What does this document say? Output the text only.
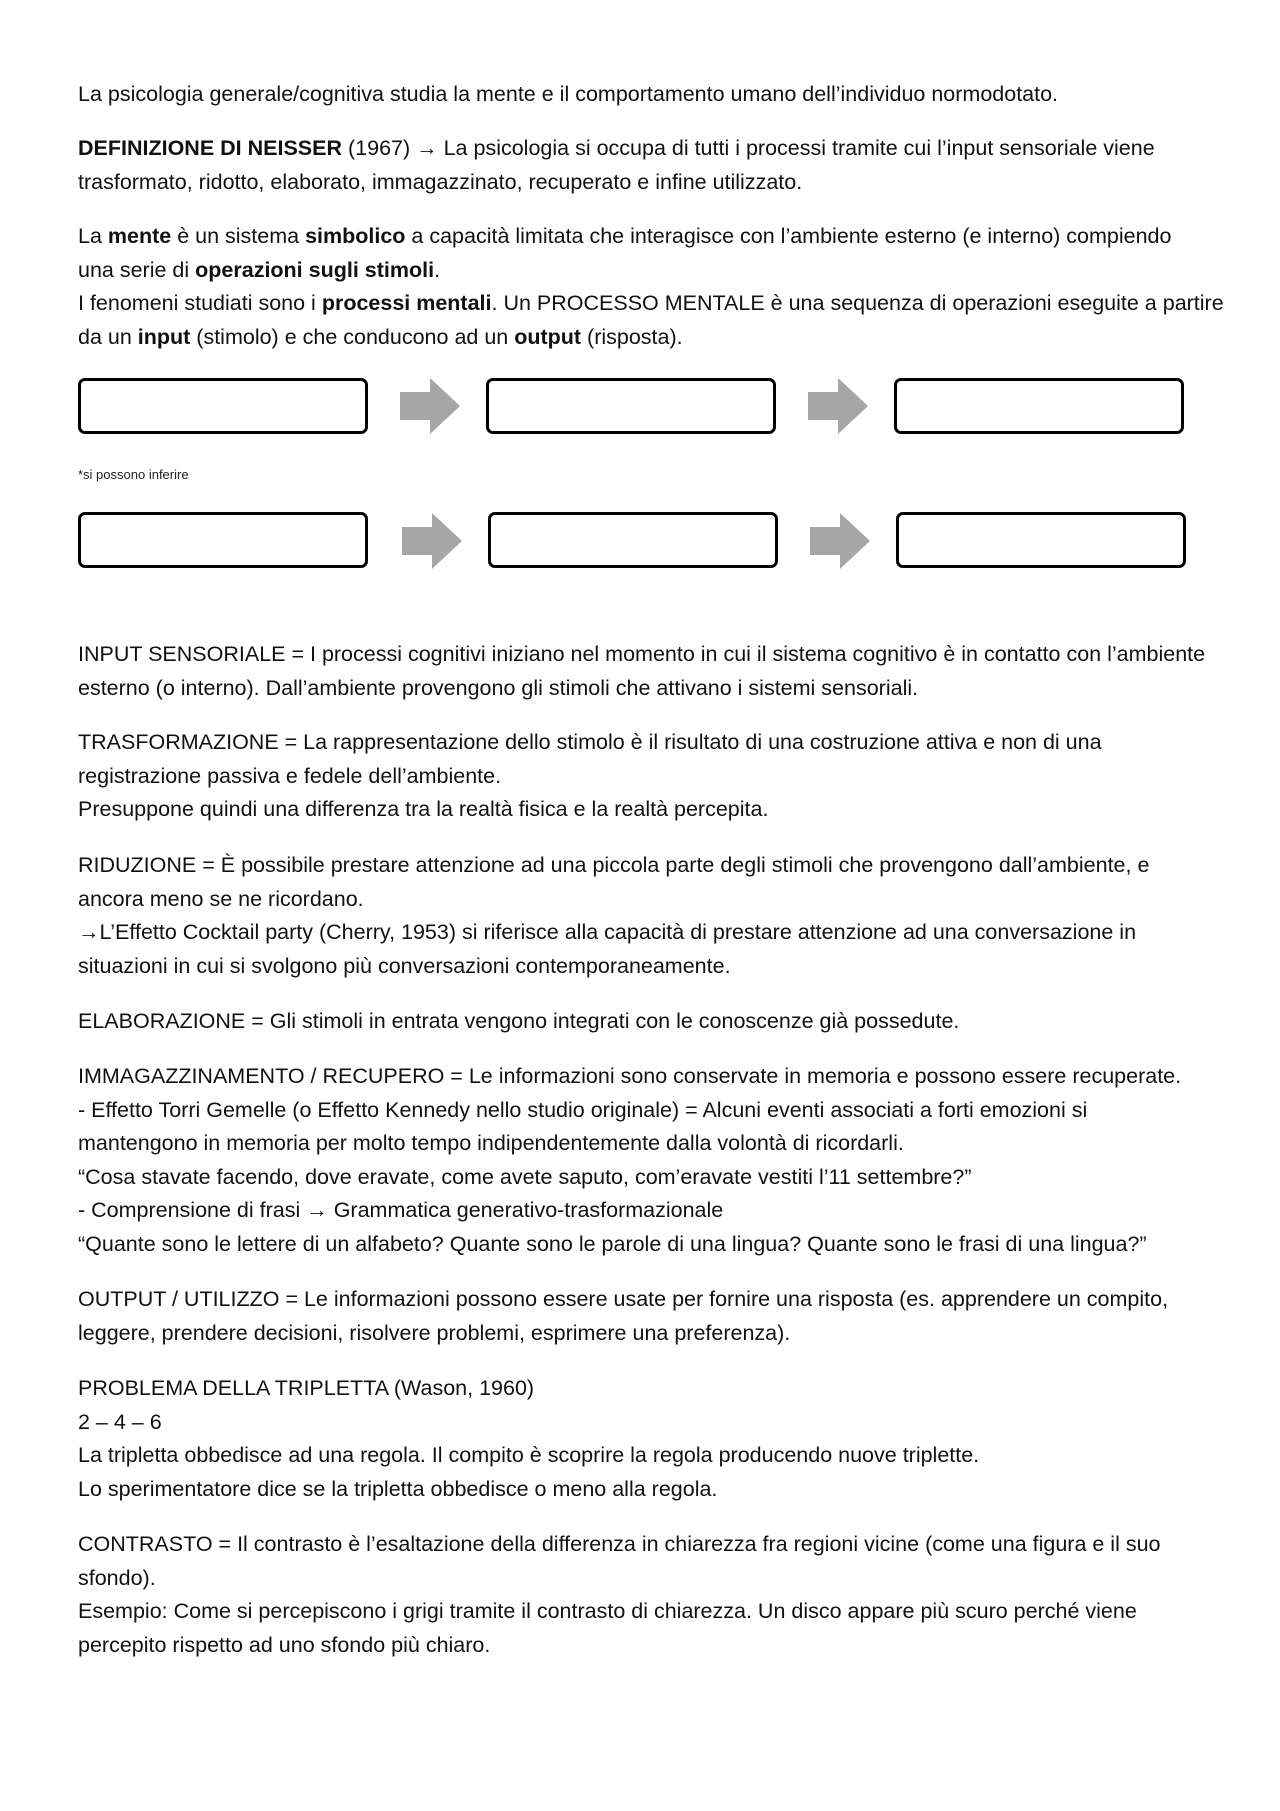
La psicologia generale/cognitiva studia la mente e il comportamento umano dell’individuo normodotato.

DEFINIZIONE DI NEISSER (1967) → La psicologia si occupa di tutti i processi tramite cui l’input sensoriale viene
trasformato, ridotto, elaborato, immagazzinato, recuperato e infine utilizzato.

La mente è un sistema simbolico a capacità limitata che interagisce con l’ambiente esterno (e interno) compiendo
una serie di operazioni sugli stimoli.
I fenomeni studiati sono i processi mentali. Un PROCESSO MENTALE è una sequenza di operazioni eseguite a partire
da un input (stimolo) e che conducono ad un output (risposta).

*si possono inferire

INPUT SENSORIALE = I processi cognitivi iniziano nel momento in cui il sistema cognitivo è in contatto con l’ambiente
esterno (o interno). Dall’ambiente provengono gli stimoli che attivano i sistemi sensoriali.

TRASFORMAZIONE = La rappresentazione dello stimolo è il risultato di una costruzione attiva e non di una
registrazione passiva e fedele dell’ambiente.
Presuppone quindi una differenza tra la realtà fisica e la realtà percepita.

RIDUZIONE = È possibile prestare attenzione ad una piccola parte degli stimoli che provengono dall’ambiente, e
ancora meno se ne ricordano.
→L’Effetto Cocktail party (Cherry, 1953) si riferisce alla capacità di prestare attenzione ad una conversazione in
situazioni in cui si svolgono più conversazioni contemporaneamente.

ELABORAZIONE = Gli stimoli in entrata vengono integrati con le conoscenze già possedute.

IMMAGAZZINAMENTO / RECUPERO = Le informazioni sono conservate in memoria e possono essere recuperate.
- Effetto Torri Gemelle (o Effetto Kennedy nello studio originale) = Alcuni eventi associati a forti emozioni si
mantengono in memoria per molto tempo indipendentemente dalla volontà di ricordarli.
“Cosa stavate facendo, dove eravate, come avete saputo, com’eravate vestiti l’11 settembre?”
- Comprensione di frasi → Grammatica generativo-trasformazionale
“Quante sono le lettere di un alfabeto? Quante sono le parole di una lingua? Quante sono le frasi di una lingua?”

OUTPUT / UTILIZZO = Le informazioni possono essere usate per fornire una risposta (es. apprendere un compito,
leggere, prendere decisioni, risolvere problemi, esprimere una preferenza).

PROBLEMA DELLA TRIPLETTA (Wason, 1960)
2 – 4 – 6
La tripletta obbedisce ad una regola. Il compito è scoprire la regola producendo nuove triplette.
Lo sperimentatore dice se la tripletta obbedisce o meno alla regola.

CONTRASTO = Il contrasto è l’esaltazione della differenza in chiarezza fra regioni vicine (come una figura e il suo
sfondo).
Esempio: Come si percepiscono i grigi tramite il contrasto di chiarezza. Un disco appare più scuro perché viene
percepito rispetto ad uno sfondo più chiaro.
